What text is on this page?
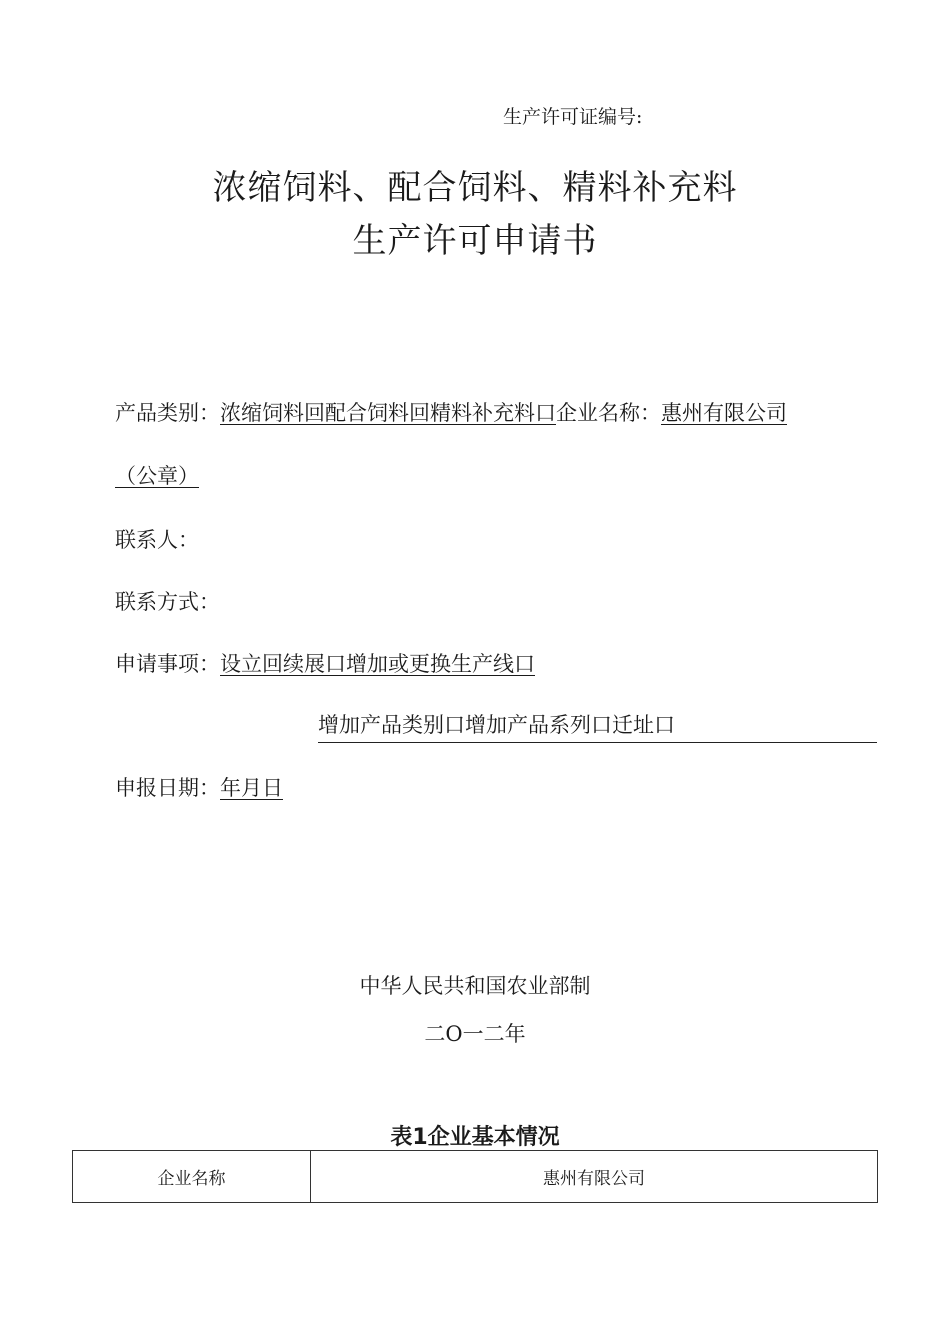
生产许可证编号:
浓缩饲料、配合饲料、精料补充料
生产许可申请书
产品类别：浓缩饲料回配合饲料回精料补充料口企业名称：惠州有限公司
（公章）
联系人：
联系方式：
申请事项：设立回续展口增加或更换生产线口
增加产品类别口增加产品系列口迁址口
申报日期：年月日
中华人民共和国农业部制
二O一二年
表1企业基本情况
企业名称	惠州有限公司
